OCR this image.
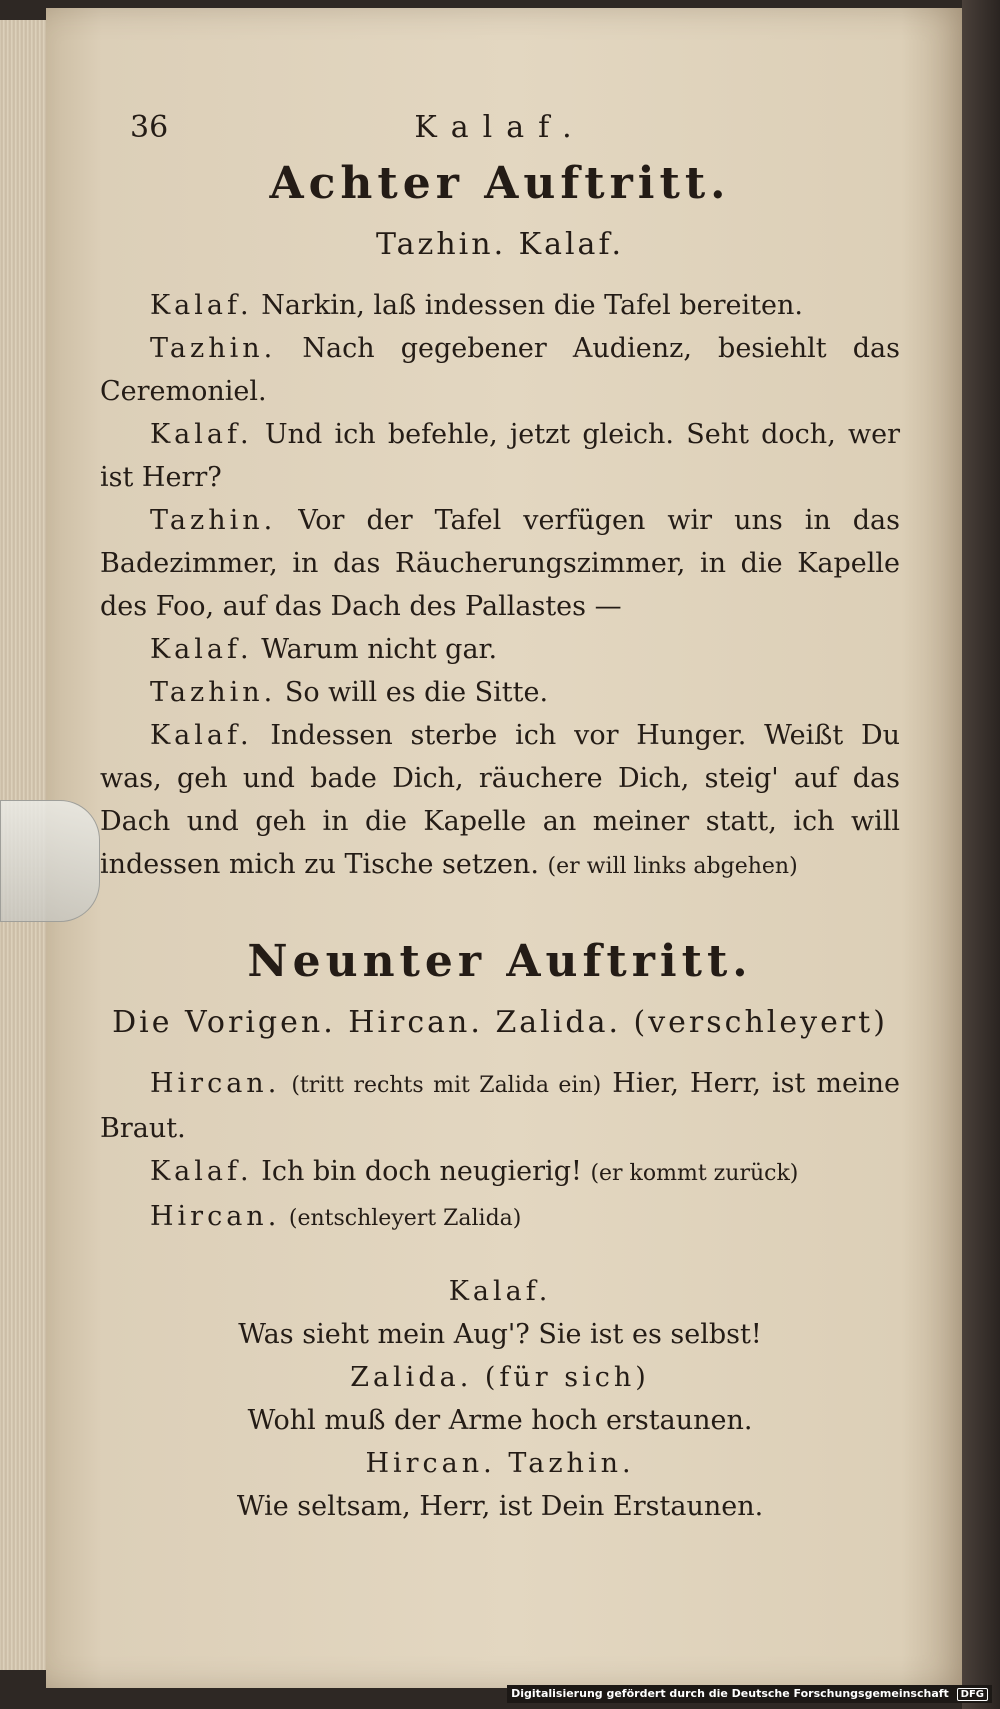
36	Kalaf.
Achter Auftritt.
Tazhin. Kalaf.

Kalaf. Narkin, laß indessen die Tafel bereiten.

Tazhin. Nach gegebener Audienz, besiehlt das Ceremoniel.

Kalaf. Und ich befehle, jetzt gleich. Seht doch, wer ist Herr?

Tazhin. Vor der Tafel verfügen wir uns in das Badezimmer, in das Räucherungszimmer, in die Kapelle des Foo, auf das Dach des Pallastes —

Kalaf. Warum nicht gar.

Tazhin. So will es die Sitte.

Kalaf. Indessen sterbe ich vor Hunger. Weißt Du was, geh und bade Dich, räuchere Dich, steig' auf das Dach und geh in die Kapelle an meiner statt, ich will indessen mich zu Tische setzen. (er will links abgehen)

Neunter Auftritt.
Die Vorigen. Hircan. Zalida. (verschleyert)

Hircan. (tritt rechts mit Zalida ein) Hier, Herr, ist meine Braut.

Kalaf. Ich bin doch neugierig! (er kommt zurück)

Hircan. (entschleyert Zalida)

Kalaf.

Was sieht mein Aug'? Sie ist es selbst!

Zalida. (für sich)

Wohl muß der Arme hoch erstaunen.

Hircan. Tazhin.

Wie seltsam, Herr, ist Dein Erstaunen.

Digitalisierung gefördert durch die Deutsche Forschungsgemeinschaft DFG
